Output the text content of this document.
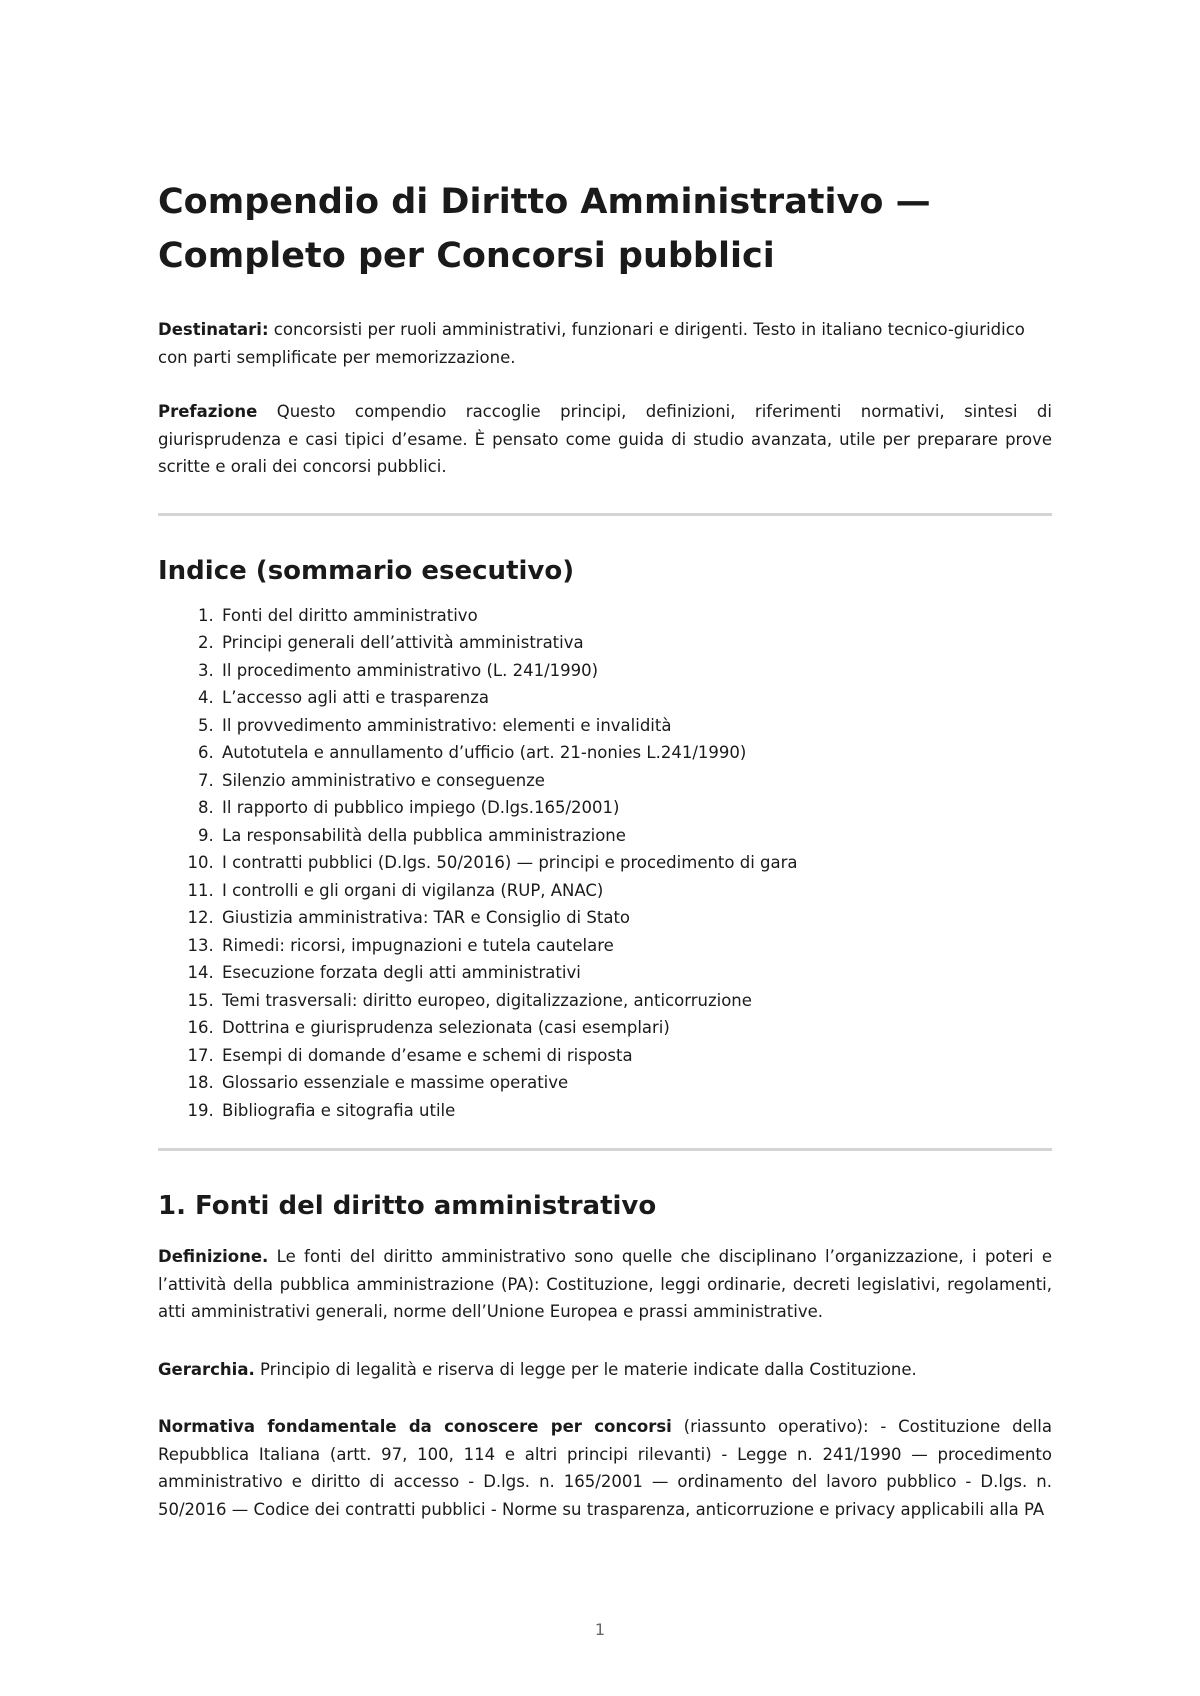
Compendio di Diritto Amministrativo — Completo per Concorsi pubblici

Destinatari: concorsisti per ruoli amministrativi, funzionari e dirigenti. Testo in italiano tecnico-giuridico con parti semplificate per memorizzazione.

Prefazione Questo compendio raccoglie principi, definizioni, riferimenti normativi, sintesi di giurisprudenza e casi tipici d’esame. È pensato come guida di studio avanzata, utile per preparare prove scritte e orali dei concorsi pubblici.

Indice (sommario esecutivo)
1. Fonti del diritto amministrativo
2. Principi generali dell’attività amministrativa
3. Il procedimento amministrativo (L. 241/1990)
4. L’accesso agli atti e trasparenza
5. Il provvedimento amministrativo: elementi e invalidità
6. Autotutela e annullamento d’ufficio (art. 21-nonies L.241/1990)
7. Silenzio amministrativo e conseguenze
8. Il rapporto di pubblico impiego (D.lgs.165/2001)
9. La responsabilità della pubblica amministrazione
10. I contratti pubblici (D.lgs. 50/2016) — principi e procedimento di gara
11. I controlli e gli organi di vigilanza (RUP, ANAC)
12. Giustizia amministrativa: TAR e Consiglio di Stato
13. Rimedi: ricorsi, impugnazioni e tutela cautelare
14. Esecuzione forzata degli atti amministrativi
15. Temi trasversali: diritto europeo, digitalizzazione, anticorruzione
16. Dottrina e giurisprudenza selezionata (casi esemplari)
17. Esempi di domande d’esame e schemi di risposta
18. Glossario essenziale e massime operative
19. Bibliografia e sitografia utile
1. Fonti del diritto amministrativo

Definizione. Le fonti del diritto amministrativo sono quelle che disciplinano l’organizzazione, i poteri e l’attività della pubblica amministrazione (PA): Costituzione, leggi ordinarie, decreti legislativi, regolamenti, atti amministrativi generali, norme dell’Unione Europea e prassi amministrative.

Gerarchia. Principio di legalità e riserva di legge per le materie indicate dalla Costituzione.

Normativa fondamentale da conoscere per concorsi (riassunto operativo): - Costituzione della Repubblica Italiana (artt. 97, 100, 114 e altri principi rilevanti) - Legge n. 241/1990 — procedimento amministrativo e diritto di accesso - D.lgs. n. 165/2001 — ordinamento del lavoro pubblico - D.lgs. n. 50/2016 — Codice dei contratti pubblici - Norme su trasparenza, anticorruzione e privacy applicabili alla PA

1
